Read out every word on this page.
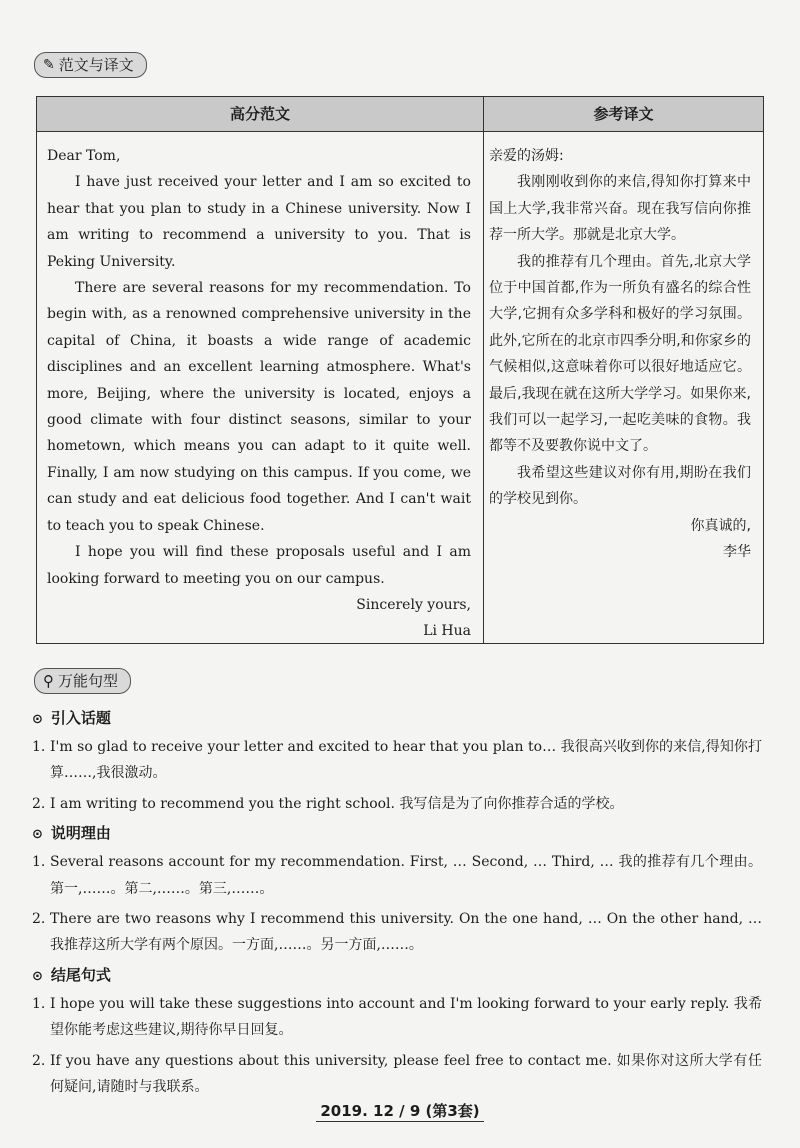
✎ 范文与译文
高分范文	参考译文

Dear Tom,

I have just received your letter and I am so excited to hear that you plan to study in a Chinese university. Now I am writing to recommend a university to you. That is Peking University.

There are several reasons for my recommendation. To begin with, as a renowned comprehensive university in the capital of China, it boasts a wide range of academic disciplines and an excellent learning atmosphere. What's more, Beijing, where the university is located, enjoys a good climate with four distinct seasons, similar to your hometown, which means you can adapt to it quite well. Finally, I am now studying on this campus. If you come, we can study and eat delicious food together. And I can't wait to teach you to speak Chinese.

I hope you will find these proposals useful and I am looking forward to meeting you on our campus.

Sincerely yours,

Li Hua

亲爱的汤姆:

我刚刚收到你的来信,得知你打算来中国上大学,我非常兴奋。现在我写信向你推荐一所大学。那就是北京大学。

我的推荐有几个理由。首先,北京大学位于中国首都,作为一所负有盛名的综合性大学,它拥有众多学科和极好的学习氛围。此外,它所在的北京市四季分明,和你家乡的气候相似,这意味着你可以很好地适应它。最后,我现在就在这所大学学习。如果你来,我们可以一起学习,一起吃美味的食物。我都等不及要教你说中文了。

我希望这些建议对你有用,期盼在我们的学校见到你。

你真诚的,

李华

⚲ 万能句型
⊙ 引入话题
1. I'm so glad to receive your letter and excited to hear that you plan to… 我很高兴收到你的来信,得知你打算……,我很激动。
2. I am writing to recommend you the right school. 我写信是为了向你推荐合适的学校。
⊙ 说明理由
1. Several reasons account for my recommendation. First, … Second, … Third, … 我的推荐有几个理由。第一,……。第二,……。第三,……。
2. There are two reasons why I recommend this university. On the one hand, … On the other hand, … 我推荐这所大学有两个原因。一方面,……。另一方面,……。
⊙ 结尾句式
1. I hope you will take these suggestions into account and I'm looking forward to your early reply. 我希望你能考虑这些建议,期待你早日回复。
2. If you have any questions about this university, please feel free to contact me. 如果你对这所大学有任何疑问,请随时与我联系。
2019. 12 / 9 (第3套)
